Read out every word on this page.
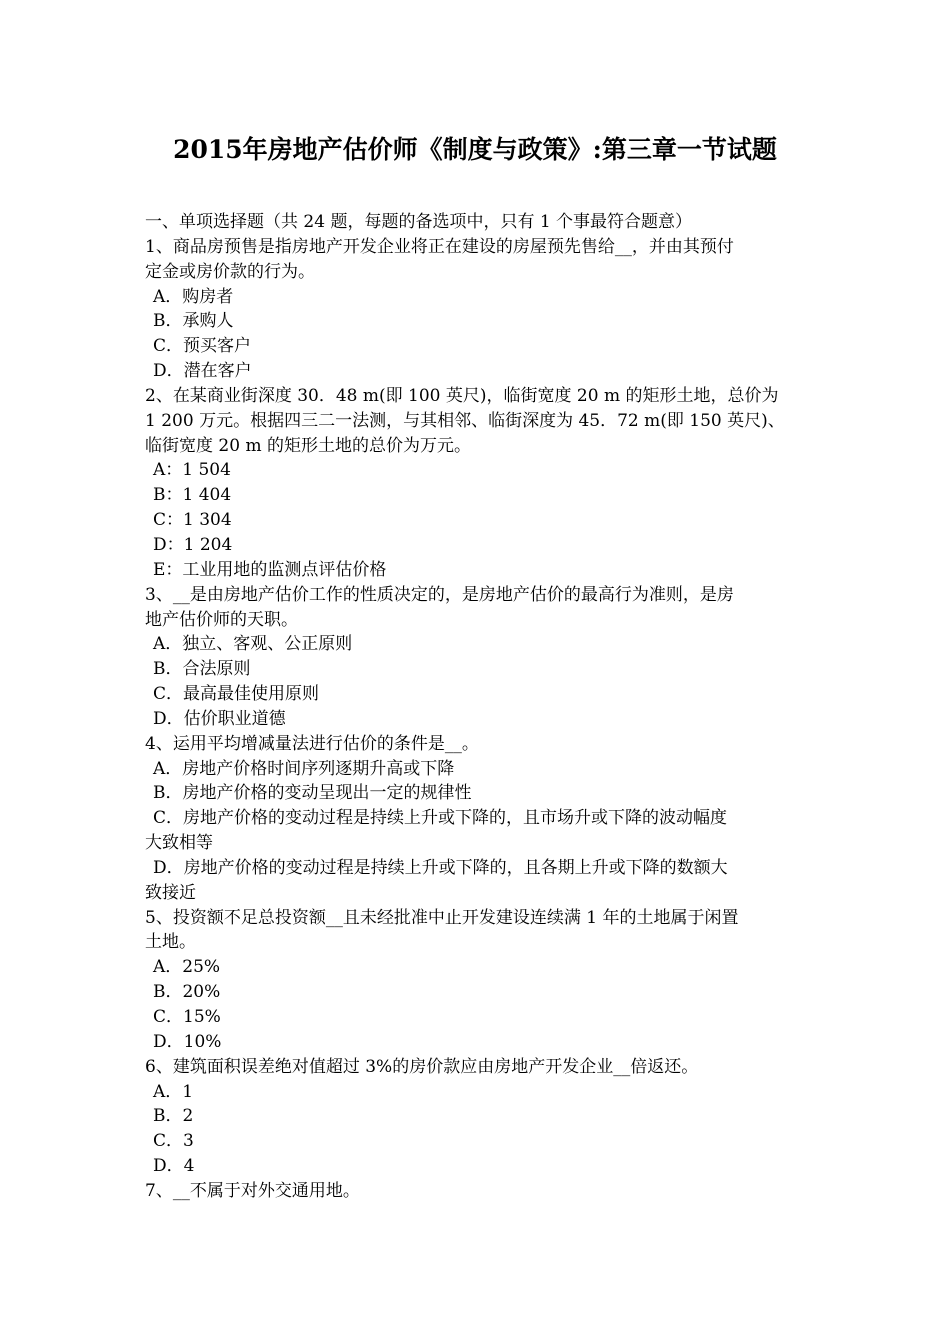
2015年房地产估价师《制度与政策》:第三章一节试题
一、单项选择题（共 24 题，每题的备选项中，只有 1 个事最符合题意）
1、商品房预售是指房地产开发企业将正在建设的房屋预先售给__，并由其预付
定金或房价款的行为。
A．购房者
B．承购人
C．预买客户
D．潜在客户
2、在某商业街深度 30．48 m(即 100 英尺)，临街宽度 20 m 的矩形土地，总价为
1 200 万元。根据四三二一法测，与其相邻、临街深度为 45．72 m(即 150 英尺)、
临街宽度 20 m 的矩形土地的总价为万元。
A：1 504
B：1 404
C：1 304
D：1 204
E：工业用地的监测点评估价格
3、__是由房地产估价工作的性质决定的，是房地产估价的最高行为准则，是房
地产估价师的天职。
A．独立、客观、公正原则
B．合法原则
C．最高最佳使用原则
D．估价职业道德
4、运用平均增减量法进行估价的条件是__。
A．房地产价格时间序列逐期升高或下降
B．房地产价格的变动呈现出一定的规律性
C．房地产价格的变动过程是持续上升或下降的，且市场升或下降的波动幅度
大致相等
D．房地产价格的变动过程是持续上升或下降的，且各期上升或下降的数额大
致接近
5、投资额不足总投资额__且未经批准中止开发建设连续满 1 年的土地属于闲置
土地。
A．25%
B．20%
C．15%
D．10%
6、建筑面积误差绝对值超过 3%的房价款应由房地产开发企业__倍返还。
A．1
B．2
C．3
D．4
7、__不属于对外交通用地。
